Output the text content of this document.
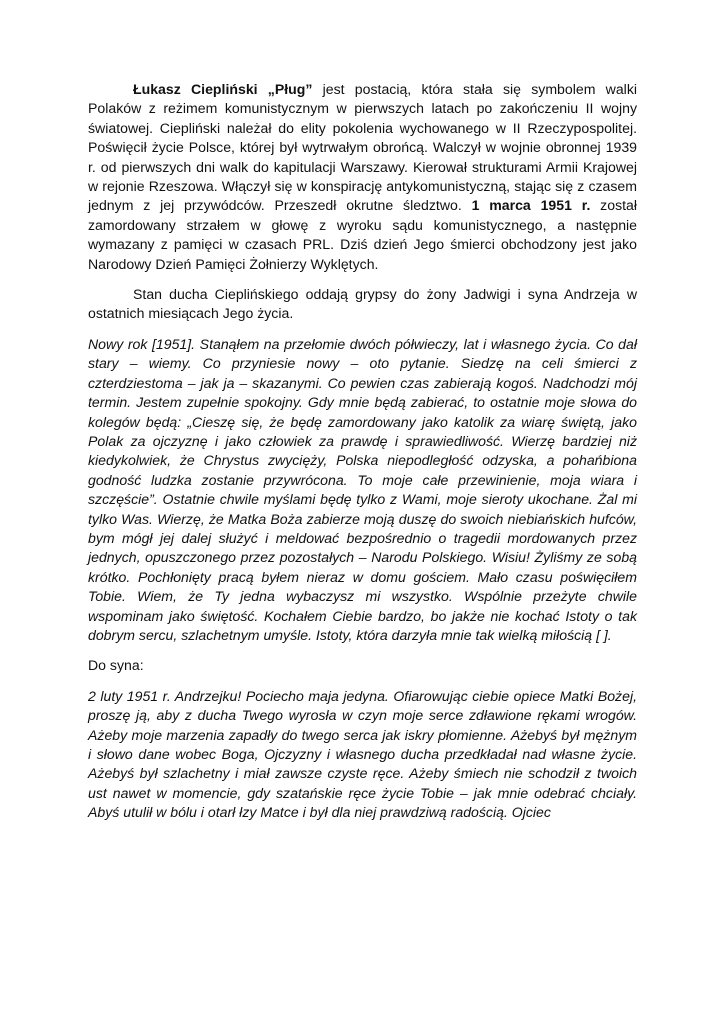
Łukasz Ciepliński „Pług” jest postacią, która stała się symbolem walki Polaków z reżimem komunistycznym w pierwszych latach po zakończeniu II wojny światowej. Ciepliński należał do elity pokolenia wychowanego w II Rzeczypospolitej. Poświęcił życie Polsce, której był wytrwałym obrońcą. Walczył w wojnie obronnej 1939 r. od pierwszych dni walk do kapitulacji Warszawy. Kierował strukturami Armii Krajowej w rejonie Rzeszowa. Włączył się w konspirację antykomunistyczną, stając się z czasem jednym z jej przywódców. Przeszedł okrutne śledztwo. 1 marca 1951 r. został zamordowany strzałem w głowę z wyroku sądu komunistycznego, a następnie wymazany z pamięci w czasach PRL. Dziś dzień Jego śmierci obchodzony jest jako Narodowy Dzień Pamięci Żołnierzy Wyklętych.

Stan ducha Cieplińskiego oddają grypsy do żony Jadwigi i syna Andrzeja w ostatnich miesiącach Jego życia.

Nowy rok [1951]. Stanąłem na przełomie dwóch półwieczy, lat i własnego życia. Co dał stary – wiemy. Co przyniesie nowy – oto pytanie. Siedzę na celi śmierci z czterdziestoma – jak ja – skazanymi. Co pewien czas zabierają kogoś. Nadchodzi mój termin. Jestem zupełnie spokojny. Gdy mnie będą zabierać, to ostatnie moje słowa do kolegów będą: „Cieszę się, że będę zamordowany jako katolik za wiarę świętą, jako Polak za ojczyznę i jako człowiek za prawdę i sprawiedliwość. Wierzę bardziej niż kiedykolwiek, że Chrystus zwycięży, Polska niepodległość odzyska, a pohańbiona godność ludzka zostanie przywrócona. To moje całe przewinienie, moja wiara i szczęście”. Ostatnie chwile myślami będę tylko z Wami, moje sieroty ukochane. Żal mi tylko Was. Wierzę, że Matka Boża zabierze moją duszę do swoich niebiańskich hufców, bym mógł jej dalej służyć i meldować bezpośrednio o tragedii mordowanych przez jednych, opuszczonego przez pozostałych – Narodu Polskiego. Wisiu! Żyliśmy ze sobą krótko. Pochłonięty pracą byłem nieraz w domu gościem. Mało czasu poświęciłem Tobie. Wiem, że Ty jedna wybaczysz mi wszystko. Wspólnie przeżyte chwile wspominam jako świętość. Kochałem Ciebie bardzo, bo jakże nie kochać Istoty o tak dobrym sercu, szlachetnym umyśle. Istoty, która darzyła mnie tak wielką miłością [ ].

Do syna:

2 luty 1951 r. Andrzejku! Pociecho maja jedyna. Ofiarowując ciebie opiece Matki Bożej, proszę ją, aby z ducha Twego wyrosła w czyn moje serce zdławione rękami wrogów. Ażeby moje marzenia zapadły do twego serca jak iskry płomienne. Ażebyś był mężnym i słowo dane wobec Boga, Ojczyzny i własnego ducha przedkładał nad własne życie. Ażebyś był szlachetny i miał zawsze czyste ręce. Ażeby śmiech nie schodził z twoich ust nawet w momencie, gdy szatańskie ręce życie Tobie – jak mnie odebrać chciały. Abyś utulił w bólu i otarł łzy Matce i był dla niej prawdziwą radością. Ojciec
